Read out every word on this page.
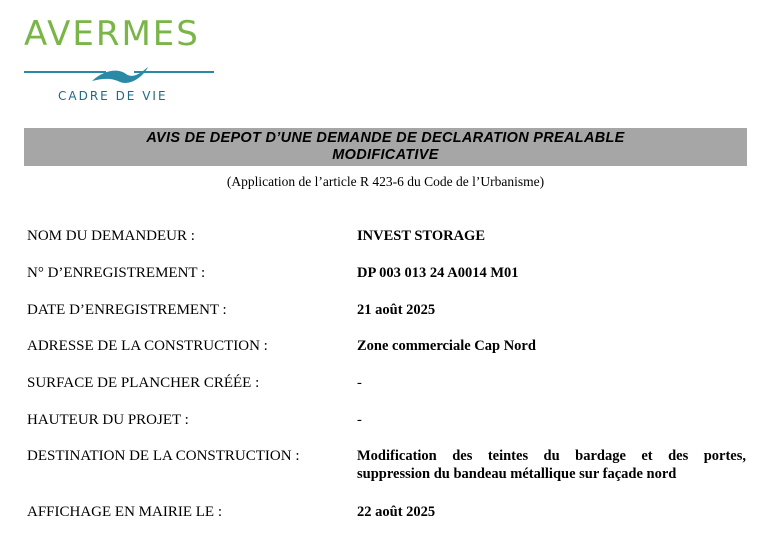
AVERMES
CADRE DE VIE
AVIS DE DEPOT D’UNE DEMANDE DE DECLARATION PREALABLE
MODIFICATIVE
(Application de l’article R 423-6 du Code de l’Urbanisme)
NOM DU DEMANDEUR :	INVEST STORAGE
N° D’ENREGISTREMENT :	DP 003 013 24 A0014 M01
DATE D’ENREGISTREMENT :	21 août 2025
ADRESSE DE LA CONSTRUCTION :	Zone commerciale Cap Nord
SURFACE DE PLANCHER CRÉÉE :	-
HAUTEUR DU PROJET :	-
DESTINATION DE LA CONSTRUCTION :	Modification des teintes du bardage et des portes,
suppression du bandeau métallique sur façade nord
AFFICHAGE EN MAIRIE LE :	22 août 2025
